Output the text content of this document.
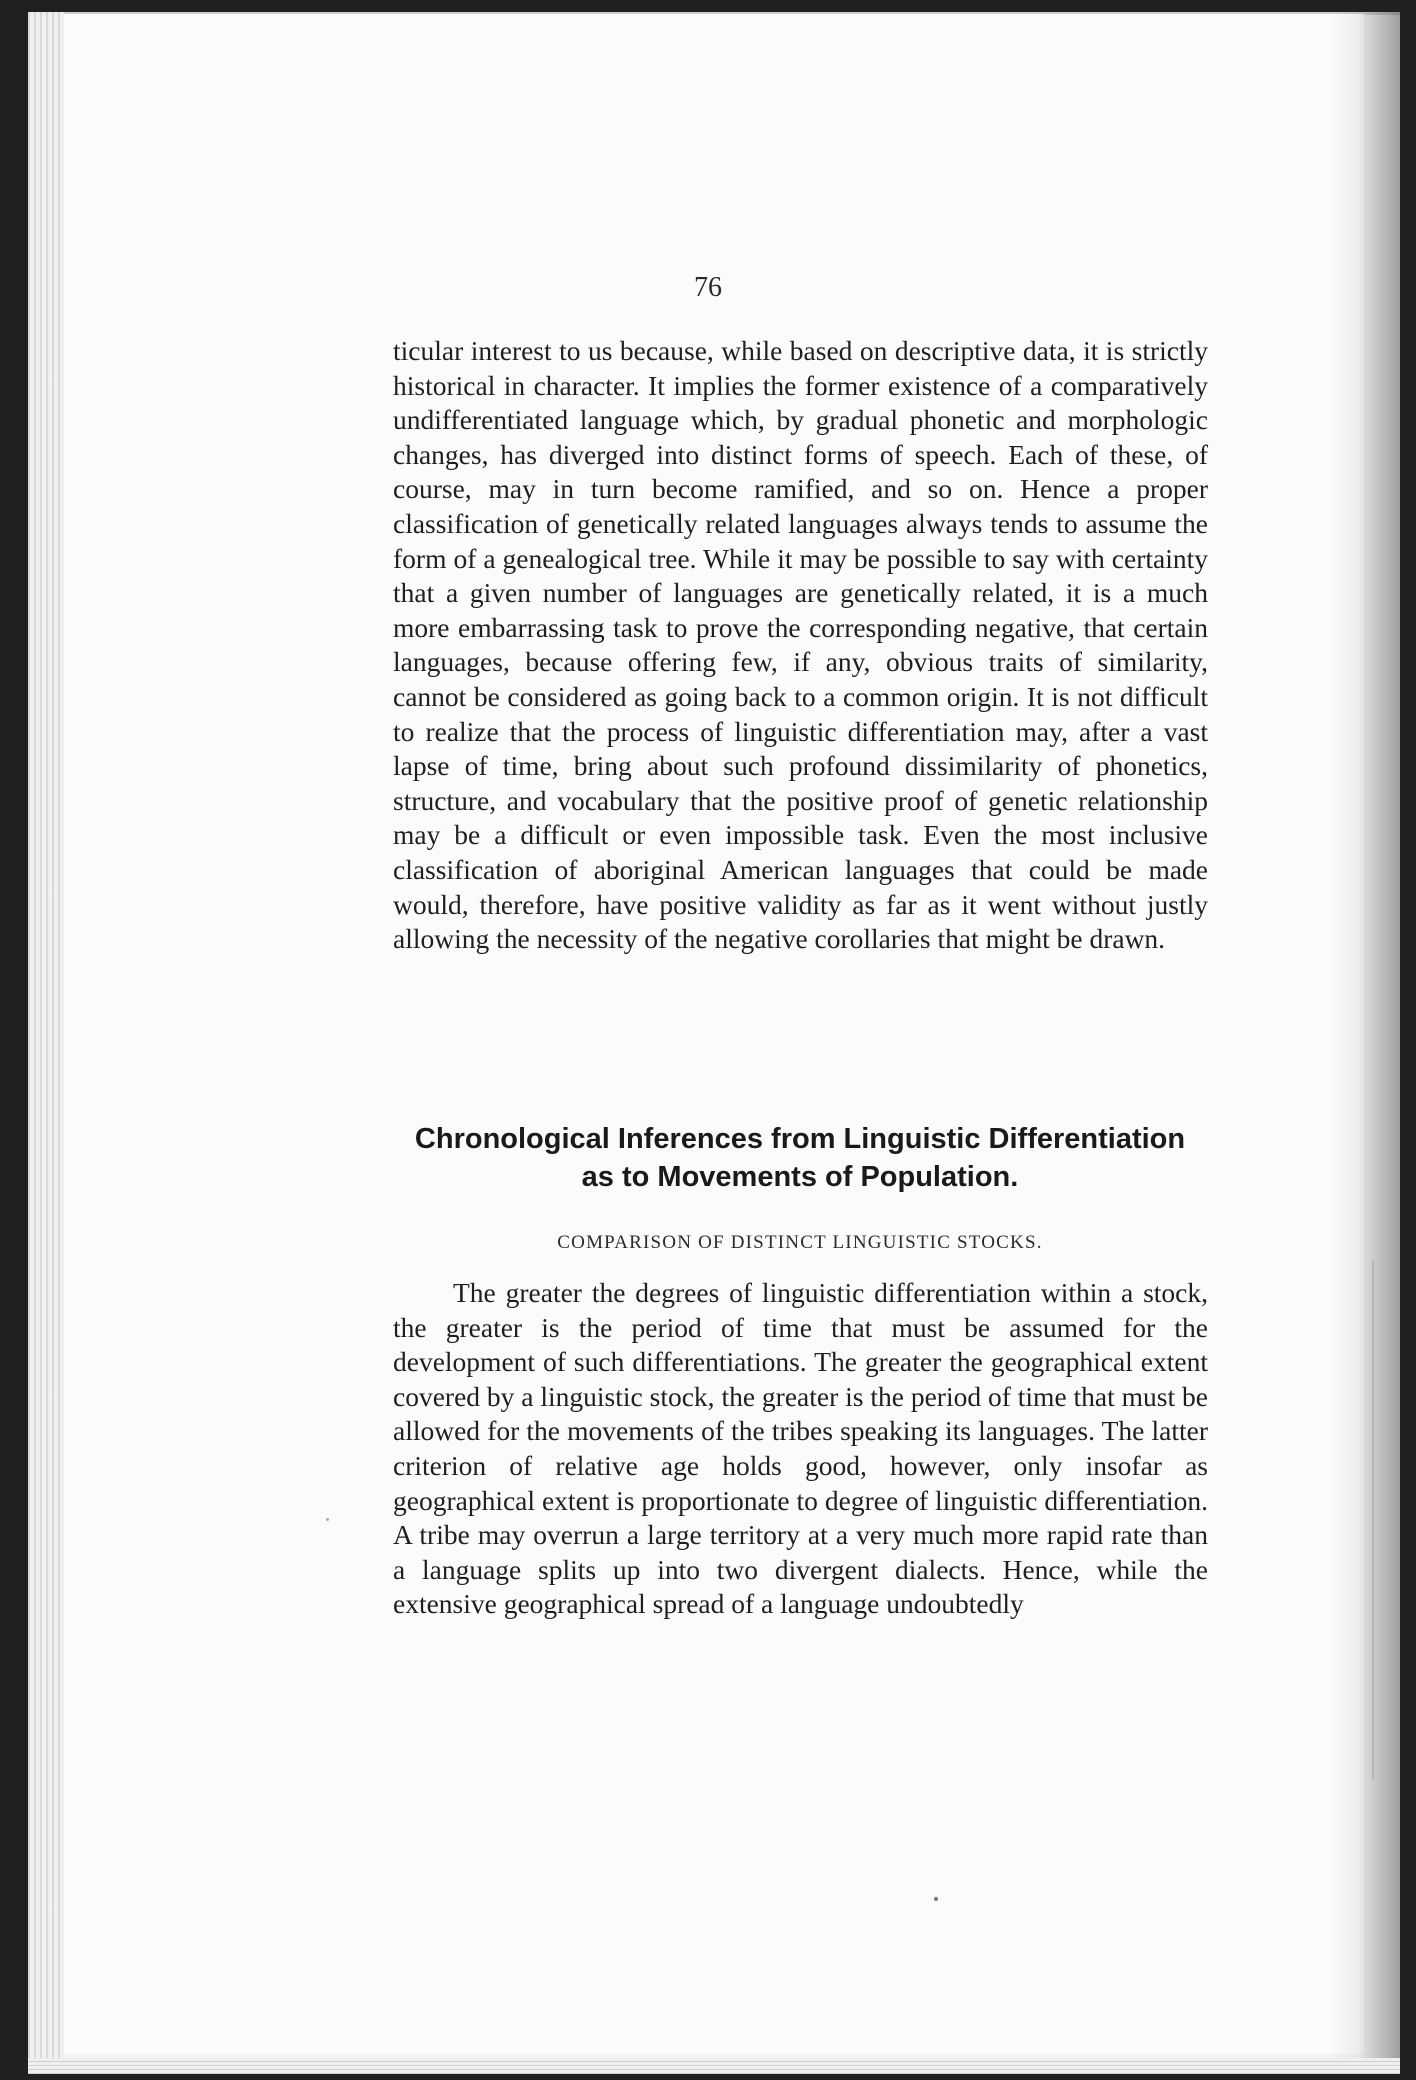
76

ticular interest to us because, while based on descriptive data, it is strictly historical in character. It implies the former existence of a comparatively undifferentiated language which, by gradual phonetic and morphologic changes, has diverged into distinct forms of speech. Each of these, of course, may in turn become ramified, and so on. Hence a proper classification of genetically related languages always tends to assume the form of a genealogical tree. While it may be possible to say with certainty that a given number of languages are genetically related, it is a much more embarrassing task to prove the corresponding negative, that certain languages, because offering few, if any, obvious traits of similarity, cannot be considered as going back to a common origin. It is not difficult to realize that the process of linguistic differentiation may, after a vast lapse of time, bring about such profound dissimilarity of phonetics, structure, and vocabulary that the positive proof of genetic relationship may be a difficult or even impossible task. Even the most inclusive classification of aboriginal American languages that could be made would, therefore, have positive validity as far as it went without justly allowing the necessity of the negative corollaries that might be drawn.

Chronological Inferences from Linguistic Differentiation
as to Movements of Population.
COMPARISON OF DISTINCT LINGUISTIC STOCKS.

The greater the degrees of linguistic differentiation within a stock, the greater is the period of time that must be assumed for the development of such differentiations. The greater the geographical extent covered by a linguistic stock, the greater is the period of time that must be allowed for the movements of the tribes speaking its languages. The latter criterion of relative age holds good, however, only insofar as geographical extent is proportionate to degree of linguistic differentiation. A tribe may overrun a large territory at a very much more rapid rate than a language splits up into two divergent dialects. Hence, while the extensive geographical spread of a language undoubtedly
